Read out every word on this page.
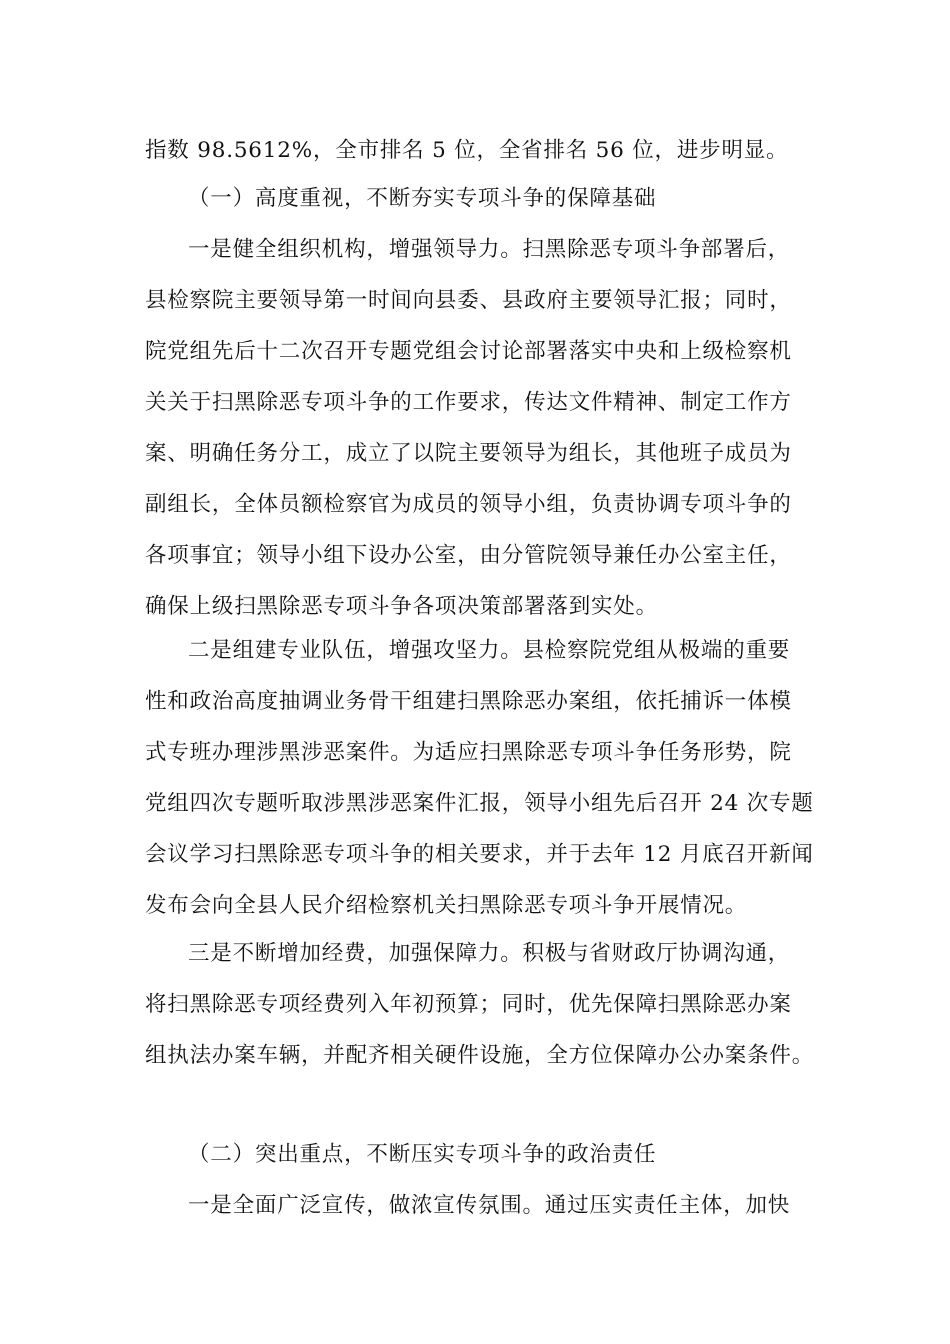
指数 98.5612%，全市排名 5 位，全省排名 56 位，进步明显。
（一）高度重视，不断夯实专项斗争的保障基础
一是健全组织机构，增强领导力。扫黑除恶专项斗争部署后，
县检察院主要领导第一时间向县委、县政府主要领导汇报；同时，
院党组先后十二次召开专题党组会讨论部署落实中央和上级检察机
关关于扫黑除恶专项斗争的工作要求，传达文件精神、制定工作方
案、明确任务分工，成立了以院主要领导为组长，其他班子成员为
副组长，全体员额检察官为成员的领导小组，负责协调专项斗争的
各项事宜；领导小组下设办公室，由分管院领导兼任办公室主任，
确保上级扫黑除恶专项斗争各项决策部署落到实处。
二是组建专业队伍，增强攻坚力。县检察院党组从极端的重要
性和政治高度抽调业务骨干组建扫黑除恶办案组，依托捕诉一体模
式专班办理涉黑涉恶案件。为适应扫黑除恶专项斗争任务形势，院
党组四次专题听取涉黑涉恶案件汇报，领导小组先后召开 24 次专题
会议学习扫黑除恶专项斗争的相关要求，并于去年 12 月底召开新闻
发布会向全县人民介绍检察机关扫黑除恶专项斗争开展情况。
三是不断增加经费，加强保障力。积极与省财政厅协调沟通，
将扫黑除恶专项经费列入年初预算；同时，优先保障扫黑除恶办案
组执法办案车辆，并配齐相关硬件设施，全方位保障办公办案条件。
（二）突出重点，不断压实专项斗争的政治责任
一是全面广泛宣传，做浓宣传氛围。通过压实责任主体，加快
